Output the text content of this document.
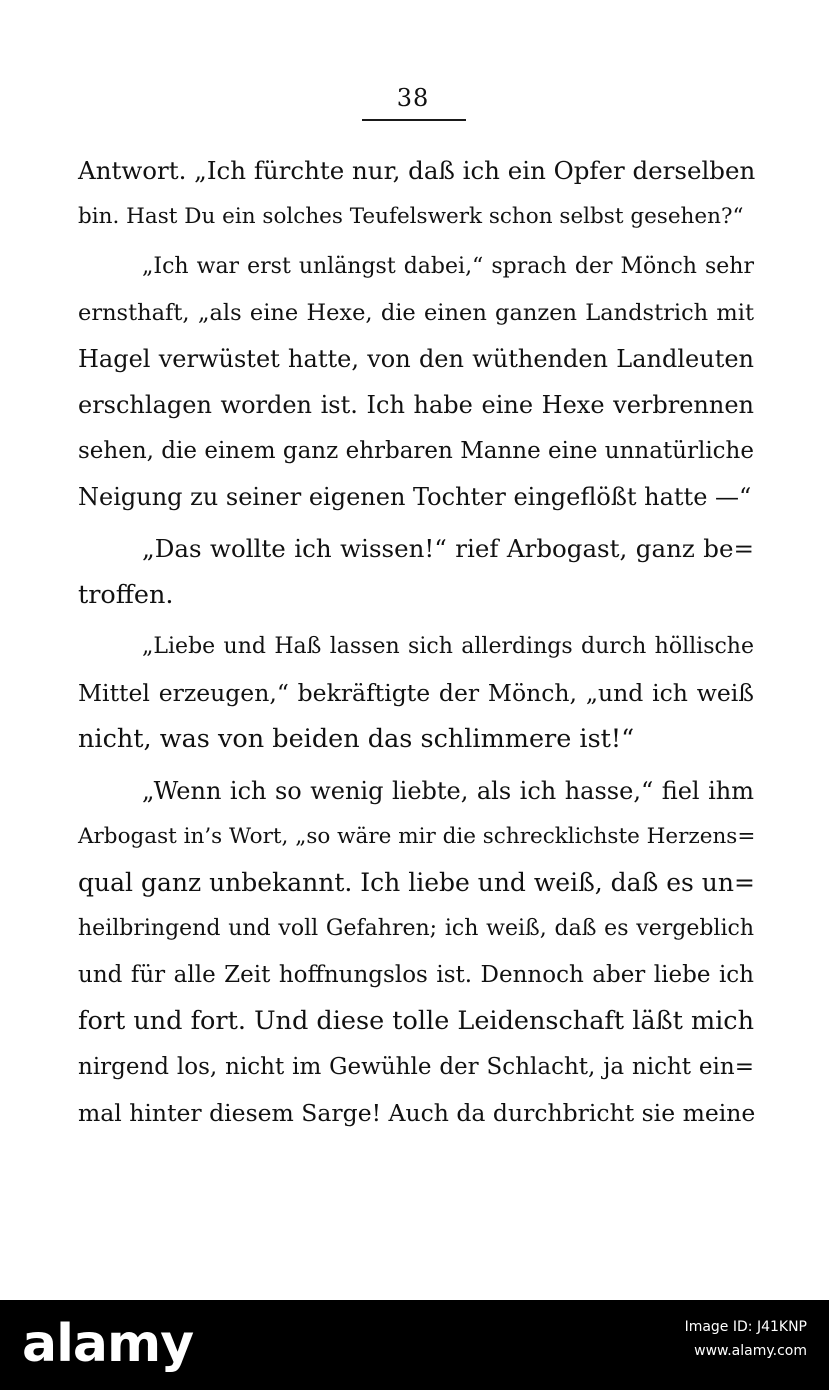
38
Antwort. „Ich fürchte nur, daß ich ein Opfer derselben
bin. Hast Du ein solches Teufelswerk schon selbst gesehen?“
„Ich war erst unlängst dabei,“ sprach der Mönch sehr
ernsthaft, „als eine Hexe, die einen ganzen Landstrich mit
Hagel verwüstet hatte, von den wüthenden Landleuten
erschlagen worden ist. Ich habe eine Hexe verbrennen
sehen, die einem ganz ehrbaren Manne eine unnatürliche
Neigung zu seiner eigenen Tochter eingeflößt hatte —“
„Das wollte ich wissen!“ rief Arbogast, ganz be=
troffen.
„Liebe und Haß lassen sich allerdings durch höllische
Mittel erzeugen,“ bekräftigte der Mönch, „und ich weiß
nicht, was von beiden das schlimmere ist!“
„Wenn ich so wenig liebte, als ich hasse,“ fiel ihm
Arbogast in’s Wort, „so wäre mir die schrecklichste Herzens=
qual ganz unbekannt. Ich liebe und weiß, daß es un=
heilbringend und voll Gefahren; ich weiß, daß es vergeblich
und für alle Zeit hoffnungslos ist. Dennoch aber liebe ich
fort und fort. Und diese tolle Leidenschaft läßt mich
nirgend los, nicht im Gewühle der Schlacht, ja nicht ein=
mal hinter diesem Sarge! Auch da durchbricht sie meine
alamy	Image ID: J41KNP
www.alamy.com
